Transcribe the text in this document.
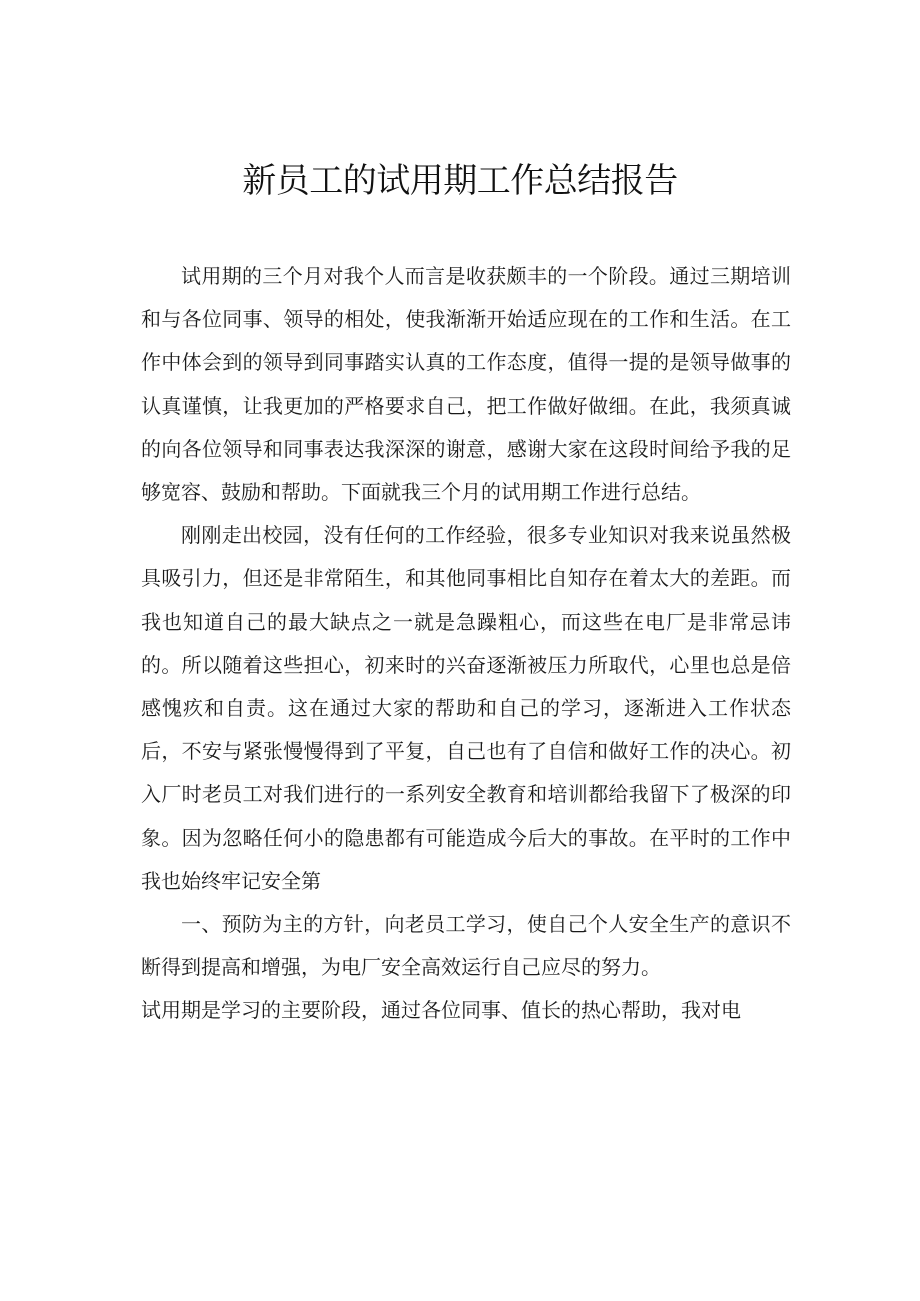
新员工的试用期工作总结报告

试用期的三个月对我个人而言是收获颇丰的一个阶段。通过三期培训和与各位同事、领导的相处，使我渐渐开始适应现在的工作和生活。在工作中体会到的领导到同事踏实认真的工作态度，值得一提的是领导做事的认真谨慎，让我更加的严格要求自己，把工作做好做细。在此，我须真诚的向各位领导和同事表达我深深的谢意，感谢大家在这段时间给予我的足够宽容、鼓励和帮助。下面就我三个月的试用期工作进行总结。

刚刚走出校园，没有任何的工作经验，很多专业知识对我来说虽然极具吸引力，但还是非常陌生，和其他同事相比自知存在着太大的差距。而我也知道自己的最大缺点之一就是急躁粗心，而这些在电厂是非常忌讳的。所以随着这些担心，初来时的兴奋逐渐被压力所取代，心里也总是倍感愧疚和自责。这在通过大家的帮助和自己的学习，逐渐进入工作状态后，不安与紧张慢慢得到了平复，自己也有了自信和做好工作的决心。初入厂时老员工对我们进行的一系列安全教育和培训都给我留下了极深的印象。因为忽略任何小的隐患都有可能造成今后大的事故。在平时的工作中我也始终牢记安全第

一、预防为主的方针，向老员工学习，使自己个人安全生产的意识不断得到提高和增强，为电厂安全高效运行自己应尽的努力。

试用期是学习的主要阶段，通过各位同事、值长的热心帮助，我对电
